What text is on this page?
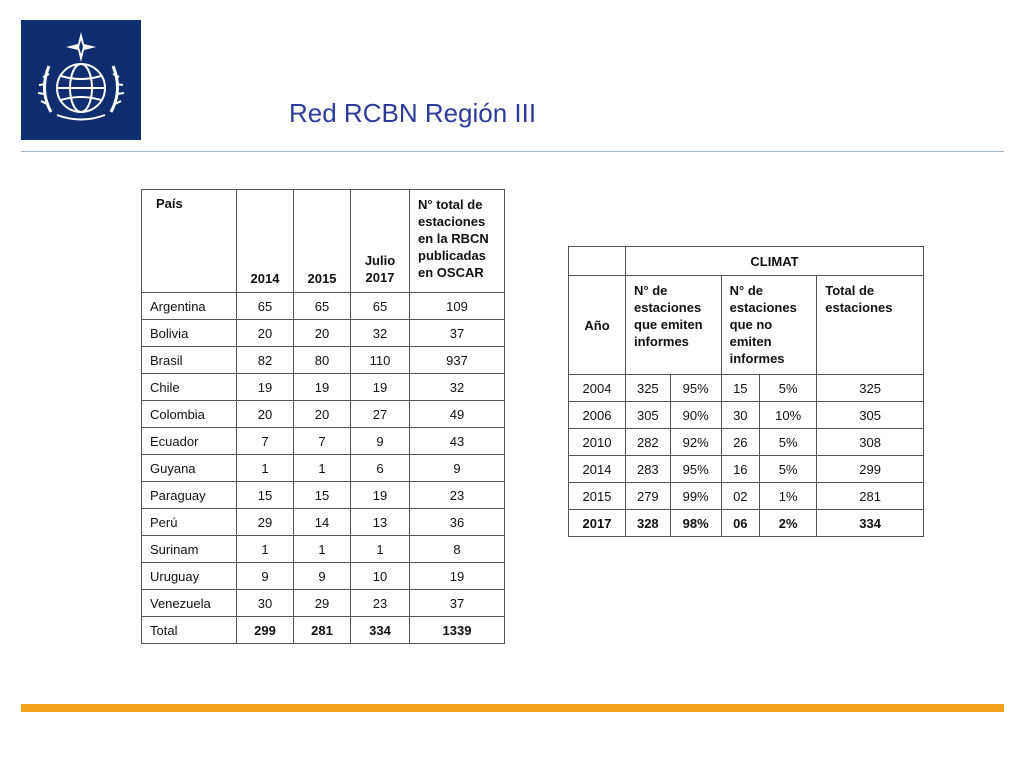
Red RCBN Región III
País	2014	2015	Julio 2017	N° total de estaciones en la RBCN publicadas en OSCAR
Argentina	65	65	65	109
Bolivia	20	20	32	37
Brasil	82	80	110	937
Chile	19	19	19	32
Colombia	20	20	27	49
Ecuador	7	7	9	43
Guyana	1	1	6	9
Paraguay	15	15	19	23
Perú	29	14	13	36
Surinam	1	1	1	8
Uruguay	9	9	10	19
Venezuela	30	29	23	37
Total	299	281	334	1339
	CLIMAT				
Año	N° de estaciones que emiten informes		N° de estaciones que no emiten informes		Total de estaciones
2004	325	95%	15	5%	325
2006	305	90%	30	10%	305
2010	282	92%	26	5%	308
2014	283	95%	16	5%	299
2015	279	99%	02	1%	281
2017	328	98%	06	2%	334
